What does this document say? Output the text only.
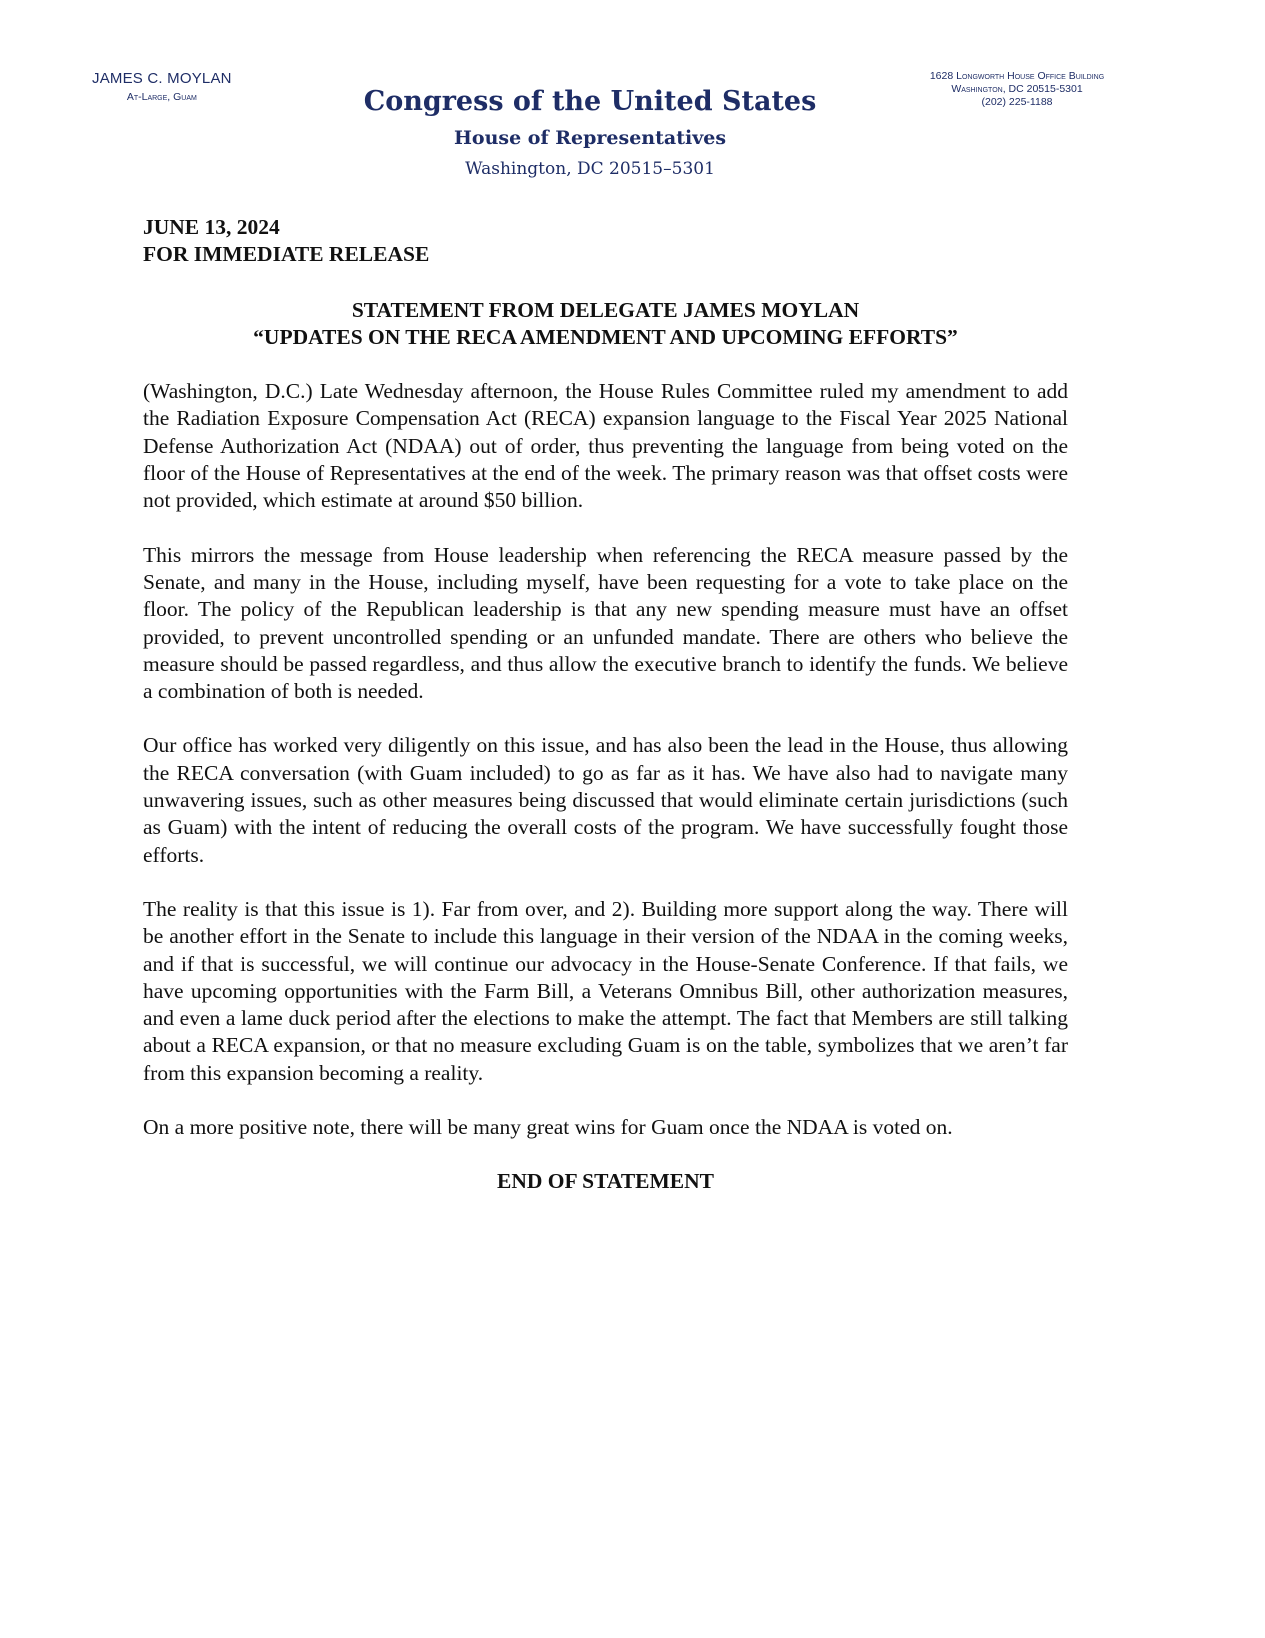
JAMES C. MOYLAN
At-Large, Guam	Congress of the United States
House of Representatives
Washington, DC 20515–5301
1628 Longworth House Office Building
Washington, DC 20515-5301
(202) 225-1188
JUNE 13, 2024
FOR IMMEDIATE RELEASE
STATEMENT FROM DELEGATE JAMES MOYLAN
“UPDATES ON THE RECA AMENDMENT AND UPCOMING EFFORTS”

(Washington, D.C.) Late Wednesday afternoon, the House Rules Committee ruled my amendment to add the Radiation Exposure Compensation Act (RECA) expansion language to the Fiscal Year 2025 National Defense Authorization Act (NDAA) out of order, thus preventing the language from being voted on the floor of the House of Representatives at the end of the week. The primary reason was that offset costs were not provided, which estimate at around $50 billion.

This mirrors the message from House leadership when referencing the RECA measure passed by the Senate, and many in the House, including myself, have been requesting for a vote to take place on the floor. The policy of the Republican leadership is that any new spending measure must have an offset provided, to prevent uncontrolled spending or an unfunded mandate. There are others who believe the measure should be passed regardless, and thus allow the executive branch to identify the funds. We believe a combination of both is needed.

Our office has worked very diligently on this issue, and has also been the lead in the House, thus allowing the RECA conversation (with Guam included) to go as far as it has. We have also had to navigate many unwavering issues, such as other measures being discussed that would eliminate certain jurisdictions (such as Guam) with the intent of reducing the overall costs of the program. We have successfully fought those efforts.

The reality is that this issue is 1). Far from over, and 2). Building more support along the way. There will be another effort in the Senate to include this language in their version of the NDAA in the coming weeks, and if that is successful, we will continue our advocacy in the House-Senate Conference. If that fails, we have upcoming opportunities with the Farm Bill, a Veterans Omnibus Bill, other authorization measures, and even a lame duck period after the elections to make the attempt. The fact that Members are still talking about a RECA expansion, or that no measure excluding Guam is on the table, symbolizes that we aren’t far from this expansion becoming a reality.

On a more positive note, there will be many great wins for Guam once the NDAA is voted on.

END OF STATEMENT
